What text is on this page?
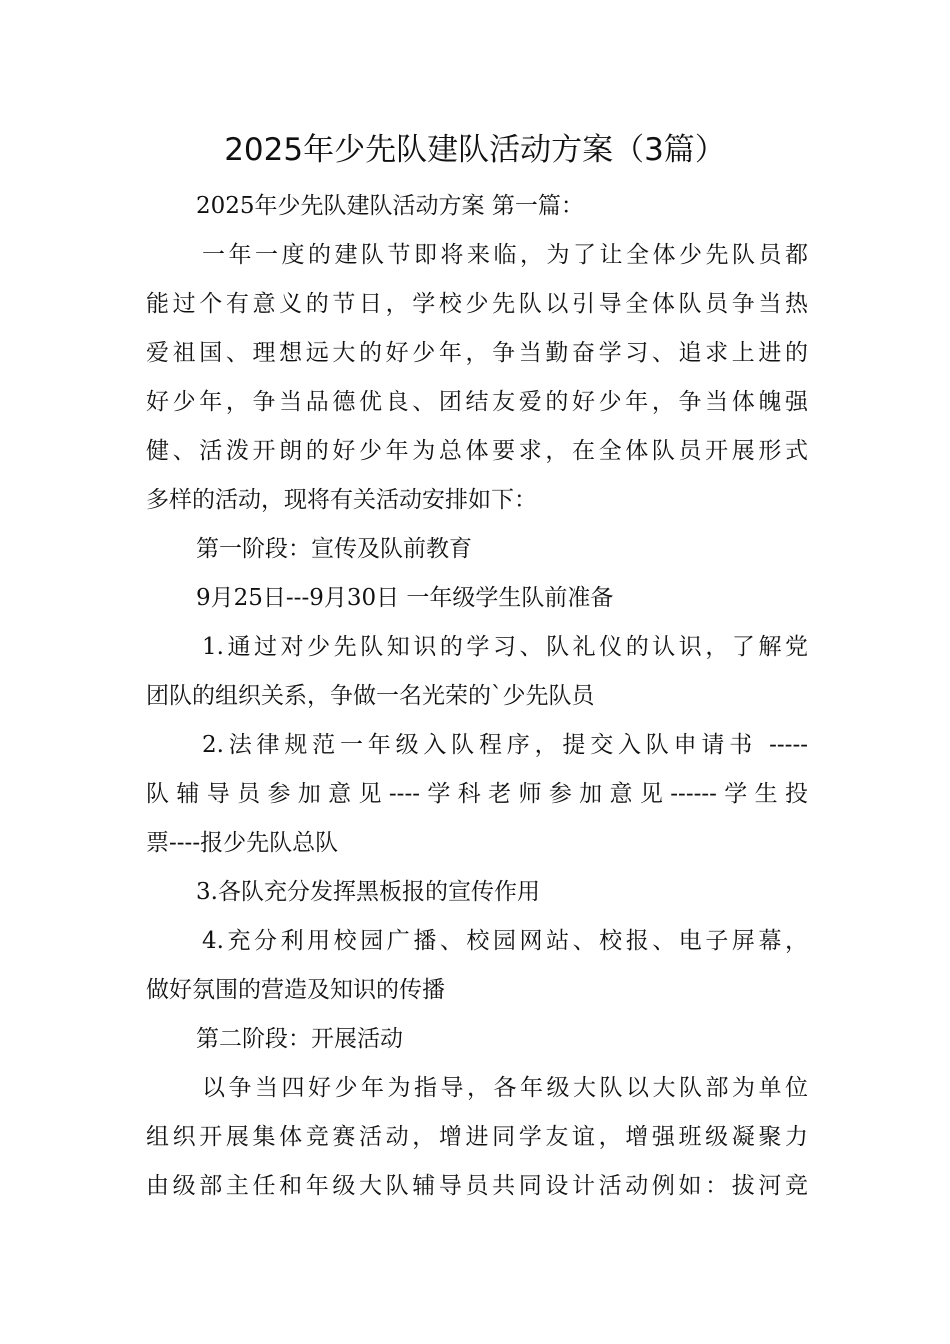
2025年少先队建队活动方案（3篇）
2025年少先队建队活动方案 第一篇：
一年一度的建队节即将来临，为了让全体少先队员都
能过个有意义的节日，学校少先队以引导全体队员争当热
爱祖国、理想远大的好少年，争当勤奋学习、追求上进的
好少年，争当品德优良、团结友爱的好少年，争当体魄强
健、活泼开朗的好少年为总体要求，在全体队员开展形式
多样的活动，现将有关活动安排如下：
第一阶段：宣传及队前教育
9月25日---9月30日 一年级学生队前准备
1.通过对少先队知识的学习、队礼仪的认识，了解党
团队的组织关系，争做一名光荣的`少先队员
2.法律规范一年级入队程序，提交入队申请书 -----
队辅导员参加意见----学科老师参加意见------学生投
票----报少先队总队
3.各队充分发挥黑板报的宣传作用
4.充分利用校园广播、校园网站、校报、电子屏幕，
做好氛围的营造及知识的传播
第二阶段：开展活动
以争当四好少年为指导，各年级大队以大队部为单位
组织开展集体竞赛活动，增进同学友谊，增强班级凝聚力
由级部主任和年级大队辅导员共同设计活动例如：拔河竞
